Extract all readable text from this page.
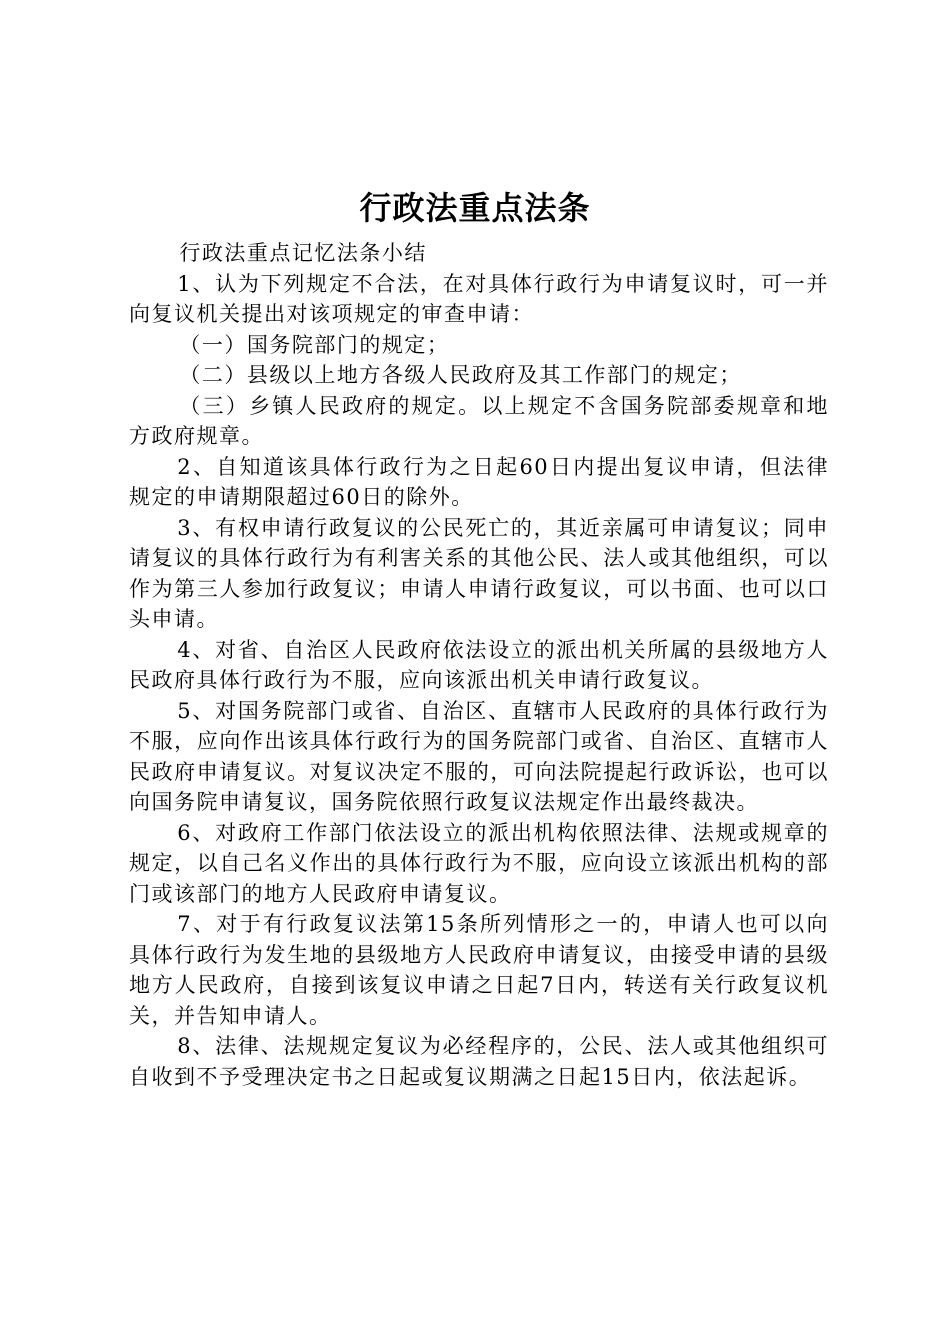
行政法重点法条

行政法重点记忆法条小结

1、认为下列规定不合法，在对具体行政行为申请复议时，可一并向复议机关提出对该项规定的审查申请：

（一）国务院部门的规定；

（二）县级以上地方各级人民政府及其工作部门的规定；

（三）乡镇人民政府的规定。以上规定不含国务院部委规章和地方政府规章。

2、自知道该具体行政行为之日起60日内提出复议申请，但法律规定的申请期限超过60日的除外。

3、有权申请行政复议的公民死亡的，其近亲属可申请复议；同申请复议的具体行政行为有利害关系的其他公民、法人或其他组织，可以作为第三人参加行政复议；申请人申请行政复议，可以书面、也可以口头申请。

4、对省、自治区人民政府依法设立的派出机关所属的县级地方人民政府具体行政行为不服，应向该派出机关申请行政复议。

5、对国务院部门或省、自治区、直辖市人民政府的具体行政行为不服，应向作出该具体行政行为的国务院部门或省、自治区、直辖市人民政府申请复议。对复议决定不服的，可向法院提起行政诉讼，也可以向国务院申请复议，国务院依照行政复议法规定作出最终裁决。

6、对政府工作部门依法设立的派出机构依照法律、法规或规章的规定，以自己名义作出的具体行政行为不服，应向设立该派出机构的部门或该部门的地方人民政府申请复议。

7、对于有行政复议法第15条所列情形之一的，申请人也可以向具体行政行为发生地的县级地方人民政府申请复议，由接受申请的县级地方人民政府，自接到该复议申请之日起7日内，转送有关行政复议机关，并告知申请人。

8、法律、法规规定复议为必经程序的，公民、法人或其他组织可自收到不予受理决定书之日起或复议期满之日起15日内，依法起诉。
